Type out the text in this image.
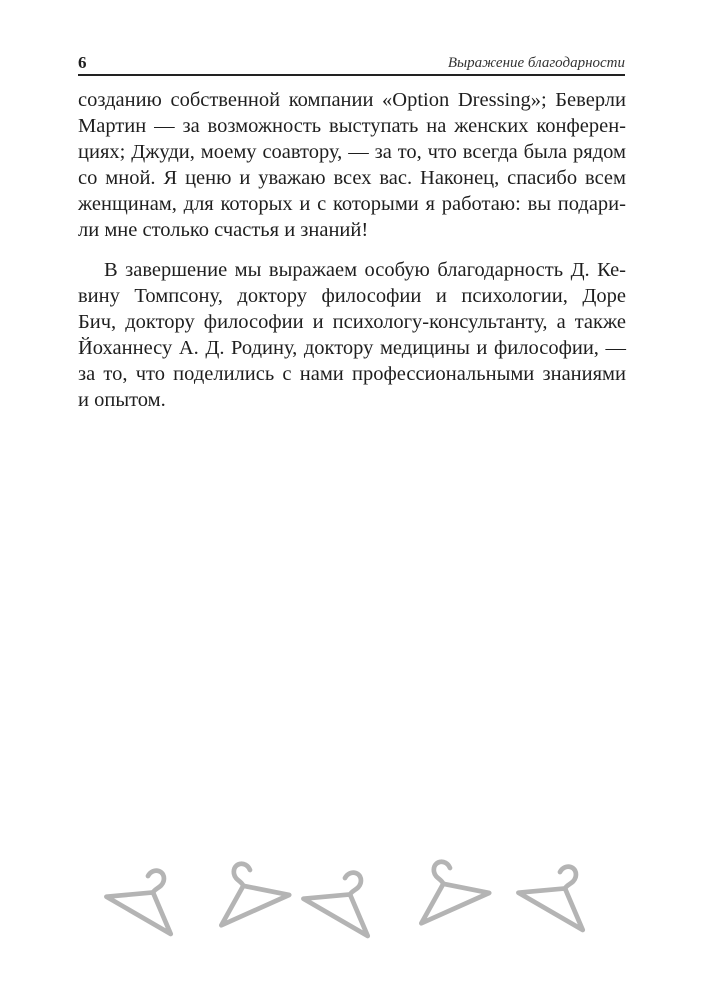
6	Выражение благодарности
созданию собственной компании «Option Dressing»; Беверли
Мартин — за возможность выступать на женских конферен-
циях; Джуди, моему соавтору, — за то, что всегда была рядом
со мной. Я ценю и уважаю всех вас. Наконец, спасибо всем
женщинам, для которых и с которыми я работаю: вы подари-
ли мне столько счастья и знаний!
В завершение мы выражаем особую благодарность Д. Ке-
вину Томпсону, доктору философии и психологии, Доре
Бич, доктору философии и психологу-консультанту, а также
Йоханнесу А. Д. Родину, доктору медицины и философии, —
за то, что поделились с нами профессиональными знаниями
и опытом.
